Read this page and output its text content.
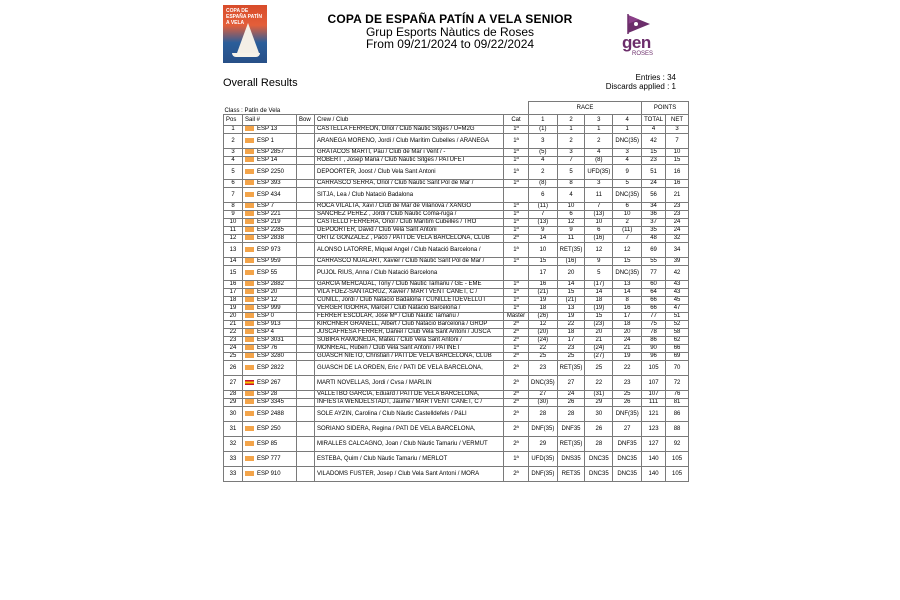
COPA DE ESPAÑA PATÍN A VELA	COPA DE ESPAÑA PATÍN A VELA SENIOR
Grup Esports Nàutics de Roses
From 09/21/2024 to 09/22/2024	gen
ROSES
Overall Results	Entries : 34
Discards applied : 1
Class : Patín de Vela					RACE				POINTS	
Pos	Sail #	Bow	Crew / Club	Cat	1	2	3	4	TOTAL	NET
1	ESP 13		CASTELLA FERREON, Oriol / Club Nàutic Sitges / U=M2G	1ª	(1)	1	1	1	4	3
2	ESP 1		ARANEGA MORENO, Jordi / Club Marítim Cubelles / ARANEGA	1ª	3	2	2	DNC(35)	42	7
3	ESP 2857		GRATACOS MARTI, Pau / Club de Mar i Vent / -	1ª	(5)	3	4	3	15	10
4	ESP 14		ROBERT , Josep Maria / Club Nàutic Sitges / PATUFET	1ª	4	7	(8)	4	23	15
5	ESP 2250		DEPOORTER, Joost / Club Vela Sant Antoni	1ª	2	5	UFD(35)	9	51	16
6	ESP 393		CARRASCO SERRA, Oriol / Club Nàutic Sant Pol de Mar /	1ª	(8)	8	3	5	24	16
7	ESP 434		SITJA, Lea / Club Natació Badalona		6	4	11	DNC(35)	56	21
8	ESP 7		ROCA VILALTA, Xavi / Club de Mar de Vilanova / XANGÓ	1ª	(11)	10	7	6	34	23
9	ESP 221		SANCHEZ PEREZ , Jordi / Club Nàutic Coma-ruga /	1ª	7	6	(13)	10	36	23
10	ESP 219		CASTELLO FERRERA, Oriol / Club Marítim Cubelles / TRO	1ª	(13)	12	10	2	37	24
11	ESP 2285		DEPOORTER, David / Club Vela Sant Antoni	1ª	9	9	6	(11)	35	24
12	ESP 2838		ORTIZ GONZALEZ , Paco / PATI DE VELA BARCELONA, CLUB	2ª	14	11	(16)	7	48	32
13	ESP 973		ALONSO LATORRE, Miquel Angel / Club Natació Barcelona /	1ª	10	RET(35)	12	12	69	34
14	ESP 959		CARRASCO NUALART, Xavier / Club Nàutic Sant Pol de Mar /	1ª	15	(16)	9	15	55	39
15	ESP 55		PUJOL RIUS, Anna / Club Natació Barcelona		17	20	5	DNC(35)	77	42
16	ESP 2882		GARCIA MERCADAL, Tony / Club Nàutic Tamariu / GE - EME	1ª	16	14	(17)	13	60	43
17	ESP 20		VILA FDEZ-SANTACRUZ, Xavier / MAR I VENT CANET, C /	1ª	(21)	15	14	14	64	43
18	ESP 12		CUNILL, Jordi / Club Natació Badalona / CUNILLETDEVELLUT	1ª	19	(21)	18	8	66	45
19	ESP 999		VERGER IGORRA, Marcel / Club Natació Barcelona /	1ª	18	13	(19)	16	66	47
20	ESP 0		FERRER ESCOLAR, Jose Mª / Club Nàutic Tamariu /	Master	(26)	19	15	17	77	51
21	ESP 913		KIRCHNER GRANELL, Albert / Club Natació Barcelona / GROP	2ª	12	22	(23)	18	75	52
22	ESP 4		JUSCAFRESA FERRER, Daniel / Club Vela Sant Antoni / JUSCA	2ª	(20)	18	20	20	78	58
23	ESP 3031		SUBIRA RAMONEDA, Mateu / Club Vela Sant Antoni /	2ª	(24)	17	21	24	86	62
24	ESP 76		MONREAL, Ruben / Club Vela Sant Antoni / PATINET	1ª	22	23	(24)	21	90	66
25	ESP 3280		GUASCH NIETO, Christian / PATI DE VELA BARCELONA, CLUB	2ª	25	25	(27)	19	96	69
26	ESP 2822		GUASCH DE LA ORDEN, Eric / PATI DE VELA BARCELONA,	2ª	23	RET(35)	25	22	105	70
27	ESP 267		MARTI NOVELLAS, Jordi / Cvsa / MARLIN	2ª	DNC(35)	27	22	23	107	72
28	ESP 28		VALLETBO GARCIA, Eduard / PATI DE VELA BARCELONA,	2ª	27	24	(31)	25	107	76
29	ESP 3345		INFIESTA WENDELSTADT, Jaume / MAR I VENT CANET, C /	2ª	(30)	26	29	26	111	81
30	ESP 2488		SOLE AYZIN, Carolina / Club Nàutic Castelldefels / PáLI	2ª	28	28	30	DNF(35)	121	86
31	ESP 250		SORIANO SIDERA, Regina / PATI DE VELA BARCELONA,	2ª	DNF(35)	DNF35	26	27	123	88
32	ESP 85		MIRALLES CALCAGNO, Joan / Club Nàutic Tamariu / VERMUT	2ª	29	RET(35)	28	DNF35	127	92
33	ESP 777		ESTEBA, Quim / Club Nàutic Tamariu / MERLOT	1ª	UFD(35)	DNS35	DNC35	DNC35	140	105
33	ESP 910		VILADOMS FUSTER, Josep / Club Vela Sant Antoni / MORA	2ª	DNF(35)	RET35	DNC35	DNC35	140	105
